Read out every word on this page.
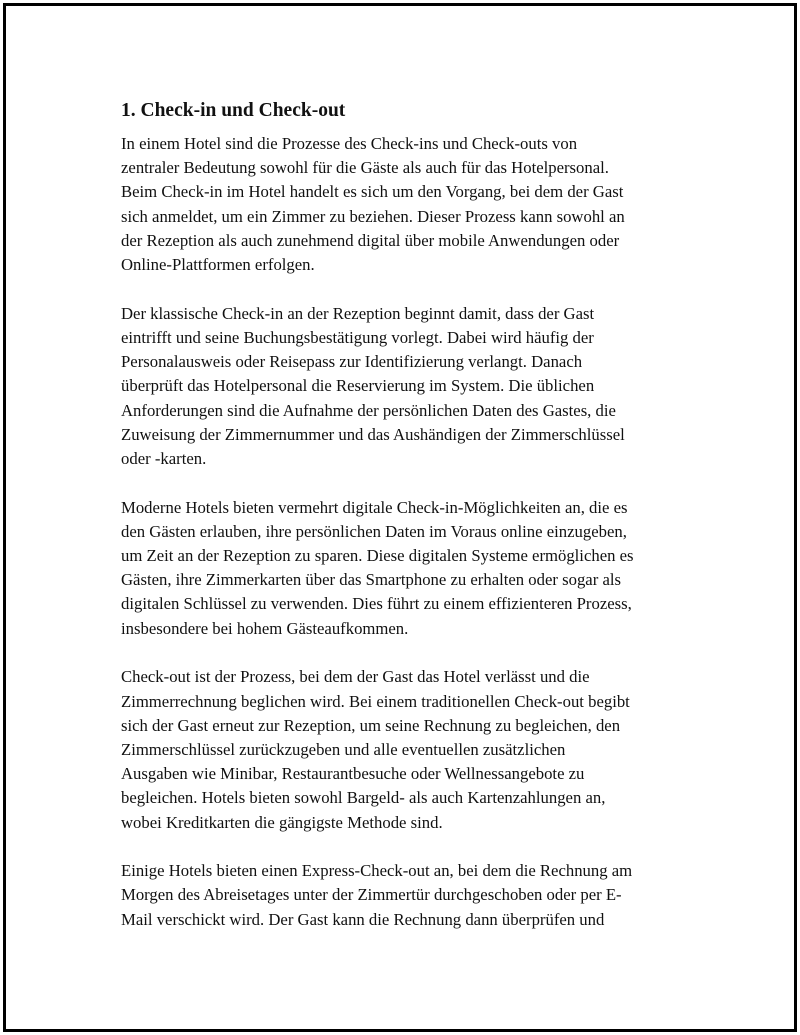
1. Check-in und Check-out

In einem Hotel sind die Prozesse des Check-ins und Check-outs von
zentraler Bedeutung sowohl für die Gäste als auch für das Hotelpersonal.
Beim Check-in im Hotel handelt es sich um den Vorgang, bei dem der Gast
sich anmeldet, um ein Zimmer zu beziehen. Dieser Prozess kann sowohl an
der Rezeption als auch zunehmend digital über mobile Anwendungen oder
Online-Plattformen erfolgen.

Der klassische Check-in an der Rezeption beginnt damit, dass der Gast
eintrifft und seine Buchungsbestätigung vorlegt. Dabei wird häufig der
Personalausweis oder Reisepass zur Identifizierung verlangt. Danach
überprüft das Hotelpersonal die Reservierung im System. Die üblichen
Anforderungen sind die Aufnahme der persönlichen Daten des Gastes, die
Zuweisung der Zimmernummer und das Aushändigen der Zimmerschlüssel
oder -karten.

Moderne Hotels bieten vermehrt digitale Check-in-Möglichkeiten an, die es
den Gästen erlauben, ihre persönlichen Daten im Voraus online einzugeben,
um Zeit an der Rezeption zu sparen. Diese digitalen Systeme ermöglichen es
Gästen, ihre Zimmerkarten über das Smartphone zu erhalten oder sogar als
digitalen Schlüssel zu verwenden. Dies führt zu einem effizienteren Prozess,
insbesondere bei hohem Gästeaufkommen.

Check-out ist der Prozess, bei dem der Gast das Hotel verlässt und die
Zimmerrechnung beglichen wird. Bei einem traditionellen Check-out begibt
sich der Gast erneut zur Rezeption, um seine Rechnung zu begleichen, den
Zimmerschlüssel zurückzugeben und alle eventuellen zusätzlichen
Ausgaben wie Minibar, Restaurantbesuche oder Wellnessangebote zu
begleichen. Hotels bieten sowohl Bargeld- als auch Kartenzahlungen an,
wobei Kreditkarten die gängigste Methode sind.

Einige Hotels bieten einen Express-Check-out an, bei dem die Rechnung am
Morgen des Abreisetages unter der Zimmertür durchgeschoben oder per E-
Mail verschickt wird. Der Gast kann die Rechnung dann überprüfen und
